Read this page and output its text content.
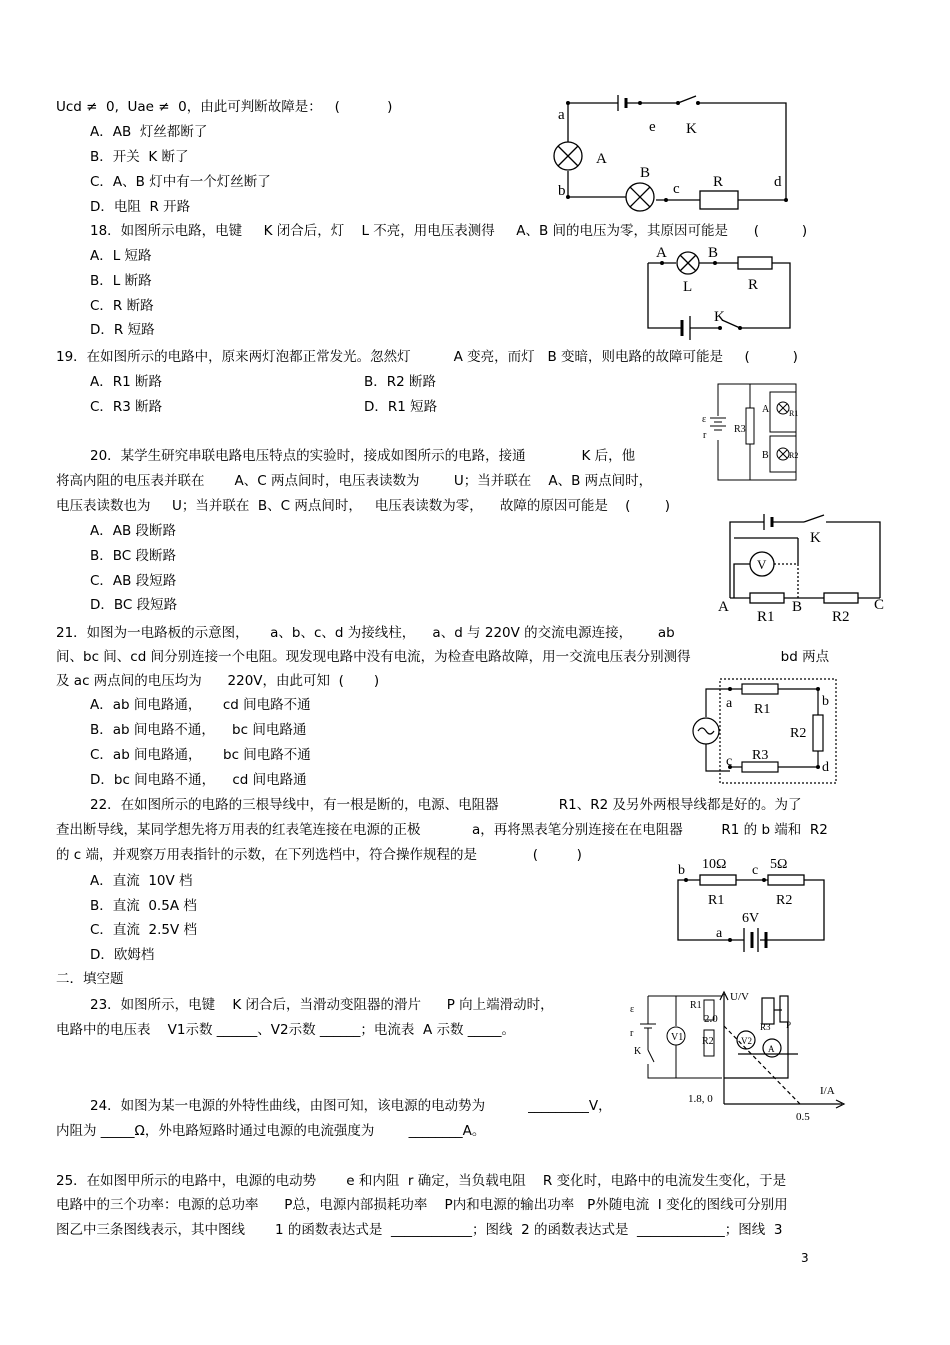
Ucd ≠  0,  Uae ≠  0，由此可判断故障是：   (           )
A．AB  灯丝都断了
B．开关  K 断了
C．A、B 灯中有一个灯丝断了
D．电阻  R 开路
18．如图所示电路，电键     K 闭合后，灯    L 不亮，用电压表测得     A、B 间的电压为零，其原因可能是      (          )
A．L 短路
B．L 断路
C．R 断路
D．R 短路
19．在如图所示的电路中，原来两灯泡都正常发光。忽然灯          A 变亮，而灯   B 变暗，则电路的故障可能是     (          )
A．R1 断路	B．R2 断路
C．R3 断路	D．R1 短路
20．某学生研究串联电路电压特点的实验时，接成如图所示的电路，接通             K 后，他
将高内阻的电压表并联在       A、C 两点间时，电压表读数为        U；当并联在    A、B 两点间时，
电压表读数也为     U；当并联在  B、C 两点间时，   电压表读数为零，    故障的原因可能是    (        )
A．AB 段断路
B．BC 段断路
C．AB 段短路
D．BC 段短路
21．如图为一电路板的示意图，     a、b、c、d 为接线柱，    a、d 与 220V 的交流电源连接，      ab
间、bc 间、cd 间分别连接一个电阻。现发现电路中没有电流，为检查电路故障，用一交流电压表分别测得                     bd 两点
及 ac 两点间的电压均为      220V，由此可知  (       )
A．ab 间电路通，     cd 间电路不通
B．ab 间电路不通，    bc 间电路通
C．ab 间电路通，     bc 间电路不通
D．bc 间电路不通，    cd 间电路通
22．在如图所示的电路的三根导线中，有一根是断的，电源、电阻器              R1、R2 及另外两根导线都是好的。为了
查出断导线，某同学想先将万用表的红表笔连接在电源的正极            a，再将黑表笔分别连接在在电阻器         R1 的 b 端和  R2
的 c 端，并观察万用表指针的示数，在下列选档中，符合操作规程的是             (         )
A．直流  10V 档
B．直流  0.5A 档
C．直流  2.5V 档
D．欧姆档
二．填空题
23．如图所示，电键    K 闭合后，当滑动变阻器的滑片      P 向上端滑动时，
电路中的电压表    V1示数 ______、V2示数 ______；电流表  A 示数 _____。
24．如图为某一电源的外特性曲线，由图可知，该电源的电动势为          _________V，
内阻为 _____Ω，外电路短路时通过电源的电流强度为        ________A。
25．在如图甲所示的电路中，电源的电动势       e 和内阻  r 确定，当负载电阻    R 变化时，电路中的电流发生变化，于是
电路中的三个功率：电源的总功率      P总，电源内部损耗功率    P内和电源的输出功率   P外随电流  I 变化的图线可分别用
图乙中三条图线表示，其中图线       1 的函数表达式是  ____________；图线  2 的函数表达式是  _____________；图线  3
3
a
b	c	d
e K
A
B
R
A	B
L	R
K
ε
r
R3
A
B
R1
R2
K
V
A	B	C
R1	R2
a	b
c	d
R1
R2
R3
b	c
a
10Ω	5Ω
R1	R2
6V
ε
r
K
V1
R1
R2
U/V
I/A
2.0
0.5
1.8, 0
V2
A
R3 P
